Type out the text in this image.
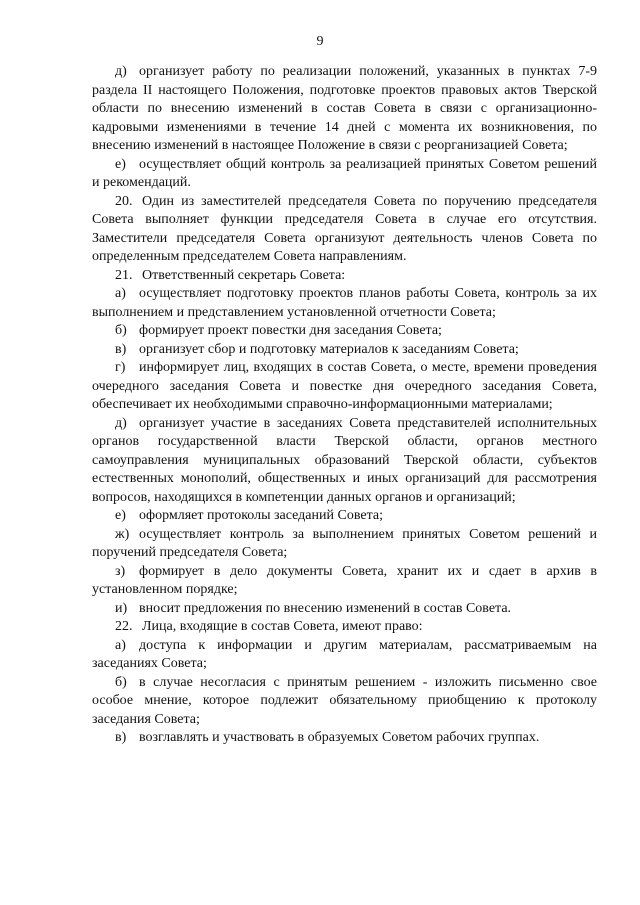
9

д) организует работу по реализации положений, указанных в пунктах 7-9 раздела II настоящего Положения, подготовке проектов правовых актов Тверской области по внесению изменений в состав Совета в связи с организационно-кадровыми изменениями в течение 14 дней с момента их возникновения, по внесению изменений в настоящее Положение в связи с реорганизацией Совета;

е) осуществляет общий контроль за реализацией принятых Советом решений и рекомендаций.

20. Один из заместителей председателя Совета по поручению председателя Совета выполняет функции председателя Совета в случае его отсутствия. Заместители председателя Совета организуют деятельность членов Совета по определенным председателем Совета направлениям.

21. Ответственный секретарь Совета:

а) осуществляет подготовку проектов планов работы Совета, контроль за их выполнением и представлением установленной отчетности Совета;

б) формирует проект повестки дня заседания Совета;

в) организует сбор и подготовку материалов к заседаниям Совета;

г) информирует лиц, входящих в состав Совета, о месте, времени проведения очередного заседания Совета и повестке дня очередного заседания Совета, обеспечивает их необходимыми справочно-информационными материалами;

д) организует участие в заседаниях Совета представителей исполнительных органов государственной власти Тверской области, органов местного самоуправления муниципальных образований Тверской области, субъектов естественных монополий, общественных и иных организаций для рассмотрения вопросов, находящихся в компетенции данных органов и организаций;

е) оформляет протоколы заседаний Совета;

ж) осуществляет контроль за выполнением принятых Советом решений и поручений председателя Совета;

з) формирует в дело документы Совета, хранит их и сдает в архив в установленном порядке;

и) вносит предложения по внесению изменений в состав Совета.

22. Лица, входящие в состав Совета, имеют право:

а) доступа к информации и другим материалам, рассматриваемым на заседаниях Совета;

б) в случае несогласия с принятым решением - изложить письменно свое особое мнение, которое подлежит обязательному приобщению к протоколу заседания Совета;

в) возглавлять и участвовать в образуемых Советом рабочих группах.
